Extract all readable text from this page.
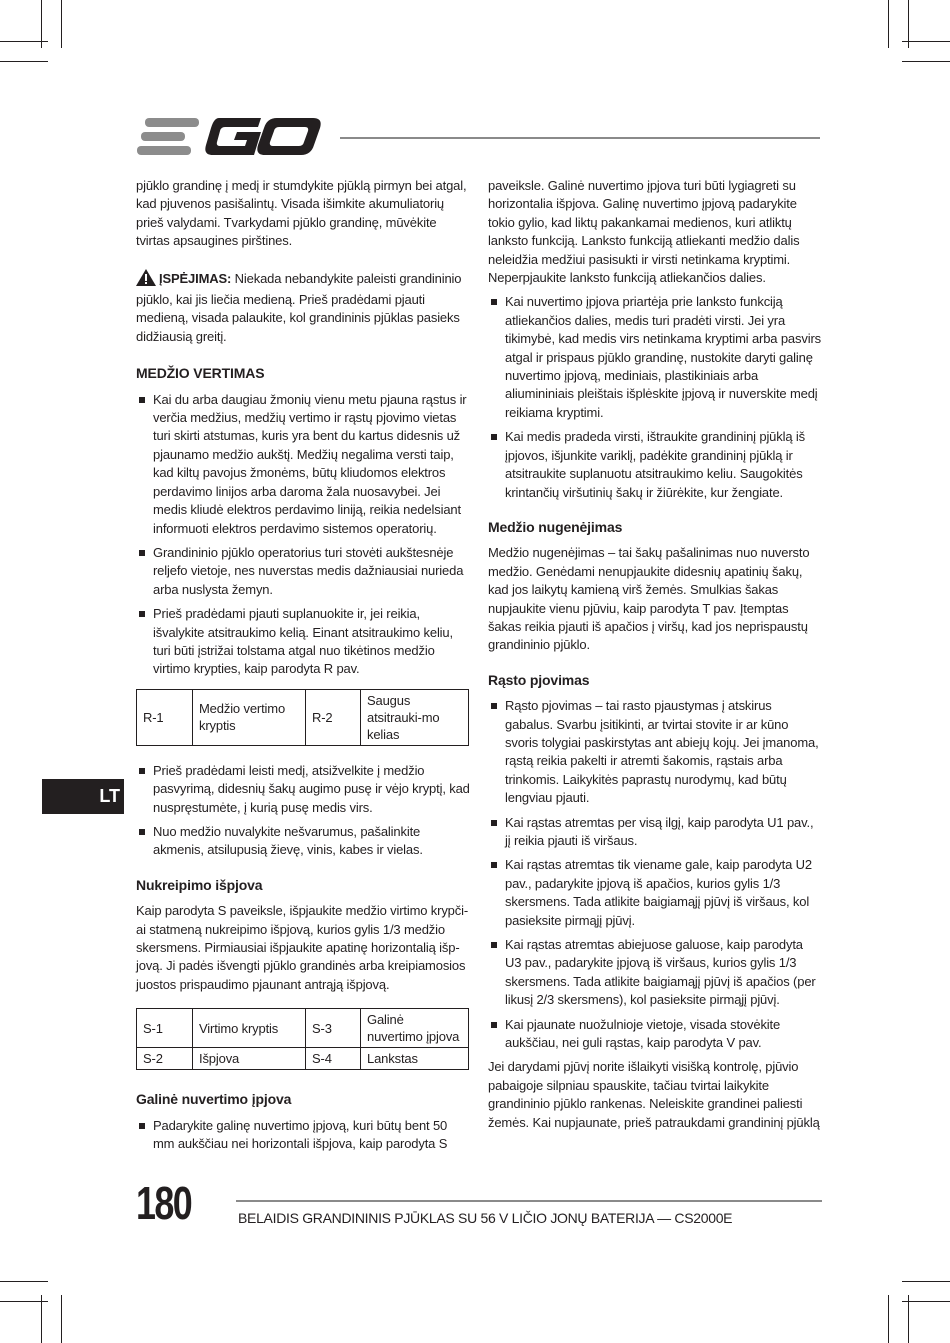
LT

pjūklo grandinę į medį ir stumdykite pjūklą pirmyn bei atgal, kad pjuvenos pasišalintų. Visada išimkite akumuliatorių prieš valydami. Tvarkydami pjūklo grandinę, mūvėkite tvirtas apsaugines pirštines.

ĮSPĖJIMAS: Niekada nebandykite paleisti grandininio pjūklo, kai jis liečia medieną. Prieš pradėdami pjauti medieną, visada palaukite, kol grandininis pjūklas pasieks didžiausią greitį.

MEDŽIO VERTIMAS
Kai du arba daugiau žmonių vienu metu pjauna rąstus ir verčia medžius, medžių vertimo ir rąstų pjovimo vietas turi skirti atstumas, kuris yra bent du kartus didesnis už pjaunamo medžio aukštį. Medžių negalima versti taip, kad kiltų pavojus žmonėms, būtų kliudomos elektros perdavimo linijos arba daroma žala nuosavybei. Jei medis kliudė elektros perdavimo liniją, reikia nedelsiant informuoti elektros perdavimo sistemos operatorių.
Grandininio pjūklo operatorius turi stovėti aukštesnėje reljefo vietoje, nes nuverstas medis dažniausiai nurieda arba nuslysta žemyn.
Prieš pradėdami pjauti suplanuokite ir, jei reikia, išvalykite atsitraukimo kelią. Einant atsitraukimo keliu, turi būti įstrižai tolstama atgal nuo tikėtinos medžio virtimo krypties, kaip parodyta R pav.
R-1	Medžio vertimo kryptis	R-2	Saugus atsitrauki-mo kelias
Prieš pradėdami leisti medį, atsižvelkite į medžio pasvyrimą, didesnių šakų augimo pusę ir vėjo kryptį, kad nuspręstumėte, į kurią pusę medis virs.
Nuo medžio nuvalykite nešvarumus, pašalinkite akmenis, atsilupusią žievę, vinis, kabes ir vielas.
Nukreipimo išpjova

Kaip parodyta S paveiksle, išpjaukite medžio virtimo krypči-ai statmeną nukreipimo išpjovą, kurios gylis 1/3 medžio skersmens. Pirmiausiai išpjaukite apatinę horizontalią išp-jovą. Ji padės išvengti pjūklo grandinės arba kreipiamosios juostos prispaudimo pjaunant antrąją išpjovą.

S-1	Virtimo kryptis	S-3	Galinė nuvertimo įpjova
S-2	Išpjova	S-4	Lankstas
Galinė nuvertimo įpjova
Padarykite galinę nuvertimo įpjovą, kuri būtų bent 50 mm aukščiau nei horizontali išpjova, kaip parodyta S

paveiksle. Galinė nuvertimo įpjova turi būti lygiagreti su horizontalia išpjova. Galinę nuvertimo įpjovą padarykite tokio gylio, kad liktų pakankamai medienos, kuri atliktų lankstо funkciją. Lanksto funkciją atliekanti medžio dalis neleidžia medžiui pasisukti ir virsti netinkama kryptimi. Neperpjaukite lanksto funkciją atliekančios dalies.

Kai nuvertimo įpjova priartėja prie lanksto funkciją atliekančios dalies, medis turi pradėti virsti. Jei yra tikimybė, kad medis virs netinkama kryptimi arba pasvirs atgal ir prispaus pjūklo grandinę, nustokite daryti galinę nuvertimo įpjovą, mediniais, plastikiniais arba aliumininiais pleištais išplėskite įpjovą ir nuverskite medį reikiama kryptimi.
Kai medis pradeda virsti, ištraukite grandininį pjūklą iš įpjovos, išjunkite variklį, padėkite grandininį pjūklą ir atsitraukite suplanuotu atsitraukimo keliu. Saugokitės krintančių viršutinių šakų ir žiūrėkite, kur žengiate.
Medžio nugenėjimas

Medžio nugenėjimas – tai šakų pašalinimas nuo nuversto medžio. Genėdami nenupjaukite didesnių apatinių šakų, kad jos laikytų kamieną virš žemės. Smulkias šakas nupjaukite vienu pjūviu, kaip parodyta T pav. Įtemptas šakas reikia pjauti iš apačios į viršų, kad jos neprispaustų grandininio pjūklo.

Rąsto pjovimas
Rąsto pjovimas – tai rasto pjaustymas į atskirus gabalus. Svarbu įsitikinti, ar tvirtai stovite ir ar kūno svoris tolygiai paskirstytas ant abiejų kojų. Jei įmanoma, rąstą reikia pakelti ir atremti šakomis, rąstais arba trinkomis. Laikykitės paprastų nurodymų, kad būtų lengviau pjauti.
Kai rąstas atremtas per visą ilgį, kaip parodyta U1 pav., jį reikia pjauti iš viršaus.
Kai rąstas atremtas tik viename gale, kaip parodyta U2 pav., padarykite įpjovą iš apačios, kurios gylis 1/3 skersmens. Tada atlikite baigiamąjį pjūvį iš viršaus, kol pasieksite pirmąjį pjūvį.
Kai rąstas atremtas abiejuose galuose, kaip parodyta U3 pav., padarykite įpjovą iš viršaus, kurios gylis 1/3 skersmens. Tada atlikite baigiamąjį pjūvį iš apačios (per likusį 2/3 skersmens), kol pasieksite pirmąjį pjūvį.
Kai pjaunate nuožulnioje vietoje, visada stovėkite aukščiau, nei guli rąstas, kaip parodyta V pav.

Jei darydami pjūvį norite išlaikyti visišką kontrolę, pjūvio pabaigoje silpniau spauskite, tačiau tvirtai laikykite grandininio pjūklo rankenas. Neleiskite grandinei paliesti žemės. Kai nupjaunate, prieš patraukdami grandininį pjūklą

180	BELAIDIS GRANDININIS PJŪKLAS SU 56 V LIČIO JONŲ BATERIJA — CS2000E
